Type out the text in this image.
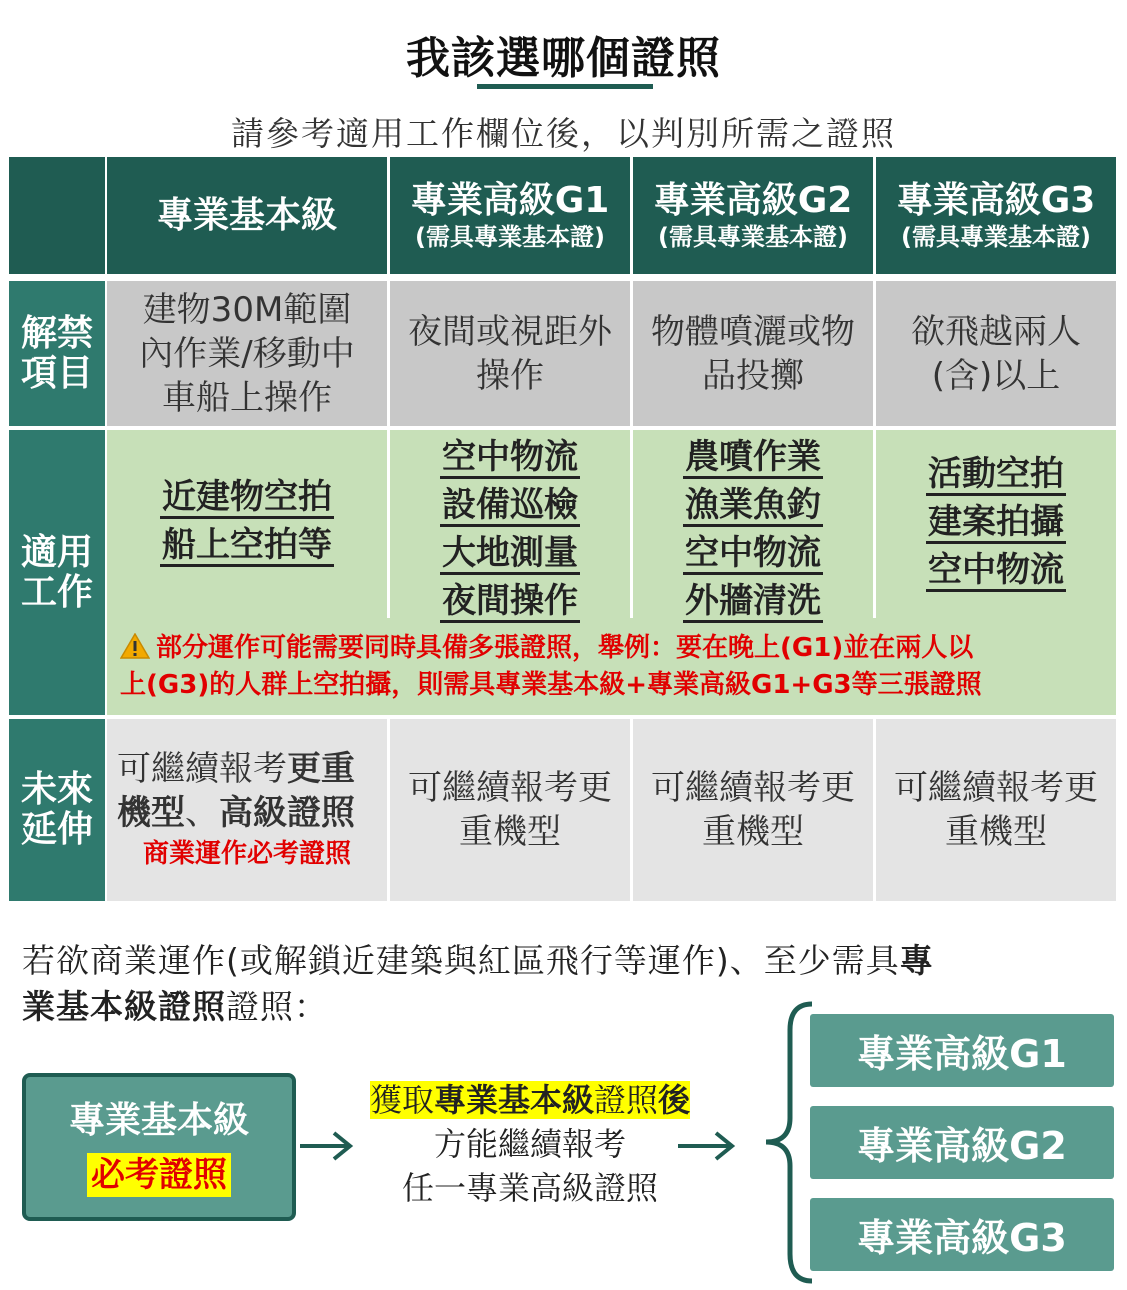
我該選哪個證照
請參考適用工作欄位後，以判別所需之證照
專業基本級 專業高級G1
(需具專業基本證)
專業高級G2
(需具專業基本證)
專業高級G3
(需具專業基本證)
解禁
項目
建物30M範圍
內作業/移動中
車船上操作
夜間或視距外
操作
物體噴灑或物
品投擲
欲飛越兩人
(含)以上
適用
工作
近建物空拍
船上空拍等
空中物流
設備巡檢
大地測量
夜間操作
農噴作業
漁業魚釣
空中物流
外牆清洗
活動空拍
建案拍攝
空中物流
部分運作可能需要同時具備多張證照，舉例：要在晚上(G1)並在兩人以
上(G3)的人群上空拍攝，則需具專業基本級+專業高級G1+G3等三張證照
未來
延伸
可繼續報考更重
機型、高級證照
商業運作必考證照
可繼續報考更
重機型
可繼續報考更
重機型
可繼續報考更
重機型
若欲商業運作(或解鎖近建築與紅區飛行等運作)、至少需具專
業基本級證照證照：
專業基本級
必考證照
獲取專業基本級證照後
方能繼續報考
任一專業高級證照
專業高級G1
專業高級G2
專業高級G3
